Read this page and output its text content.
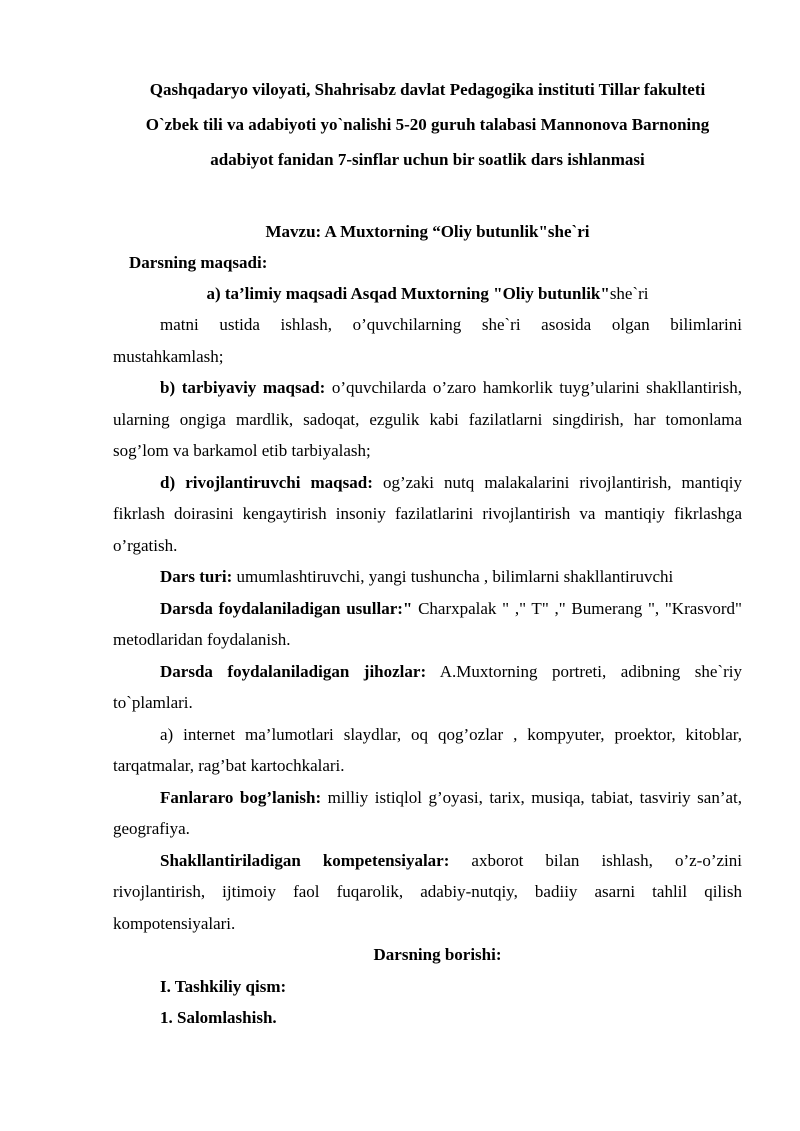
Qashqadaryo viloyati, Shahrisabz davlat Pedagogika instituti Tillar fakulteti

O`zbek tili va adabiyoti yo`nalishi 5-20 guruh talabasi Mannonova Barnoning

adabiyot fanidan 7-sinflar uchun bir soatlik dars ishlanmasi

Mavzu: A Muxtorning “Oliy butunlik"she`ri
Darsning maqsadi:
a) ta’limiy maqsadi Asqad Muxtorning "Oliy butunlik"she`ri

matni ustida ishlash, o’quvchilarning she`ri asosida olgan bilimlarini mustahkamlash;

b) tarbiyaviy maqsad: o’quvchilarda o’zaro hamkorlik tuyg’ularini shakllantirish, ularning ongiga mardlik, sadoqat, ezgulik kabi fazilatlarni singdirish, har tomonlama sog’lom va barkamol etib tarbiyalash;

d) rivojlantiruvchi maqsad: og’zaki nutq malakalarini rivojlantirish, mantiqiy fikrlash doirasini kengaytirish insoniy fazilatlarini rivojlantirish va mantiqiy fikrlashga o’rgatish.

Dars turi: umumlashtiruvchi, yangi tushuncha , bilimlarni shakllantiruvchi

Darsda foydalaniladigan usullar:" Charxpalak " ," T" ," Bumerang ", "Krasvord" metodlaridan foydalanish.

Darsda foydalaniladigan jihozlar: A.Muxtorning portreti, adibning she`riy to`plamlari.

a) internet ma’lumotlari slaydlar, oq qog’ozlar , kompyuter, proektor, kitoblar, tarqatmalar, rag’bat kartochkalari.

Fanlararo bog’lanish: milliy istiqlol g’oyasi, tarix, musiqa, tabiat, tasviriy san’at, geografiya.

Shakllantiriladigan kompetensiyalar: axborot bilan ishlash, o’z-o’zini rivojlantirish, ijtimoiy faol fuqarolik, adabiy-nutqiy, badiiy asarni tahlil qilish kompotensiyalari.

Darsning borishi:
I. Tashkiliy qism:
1. Salomlashish.
